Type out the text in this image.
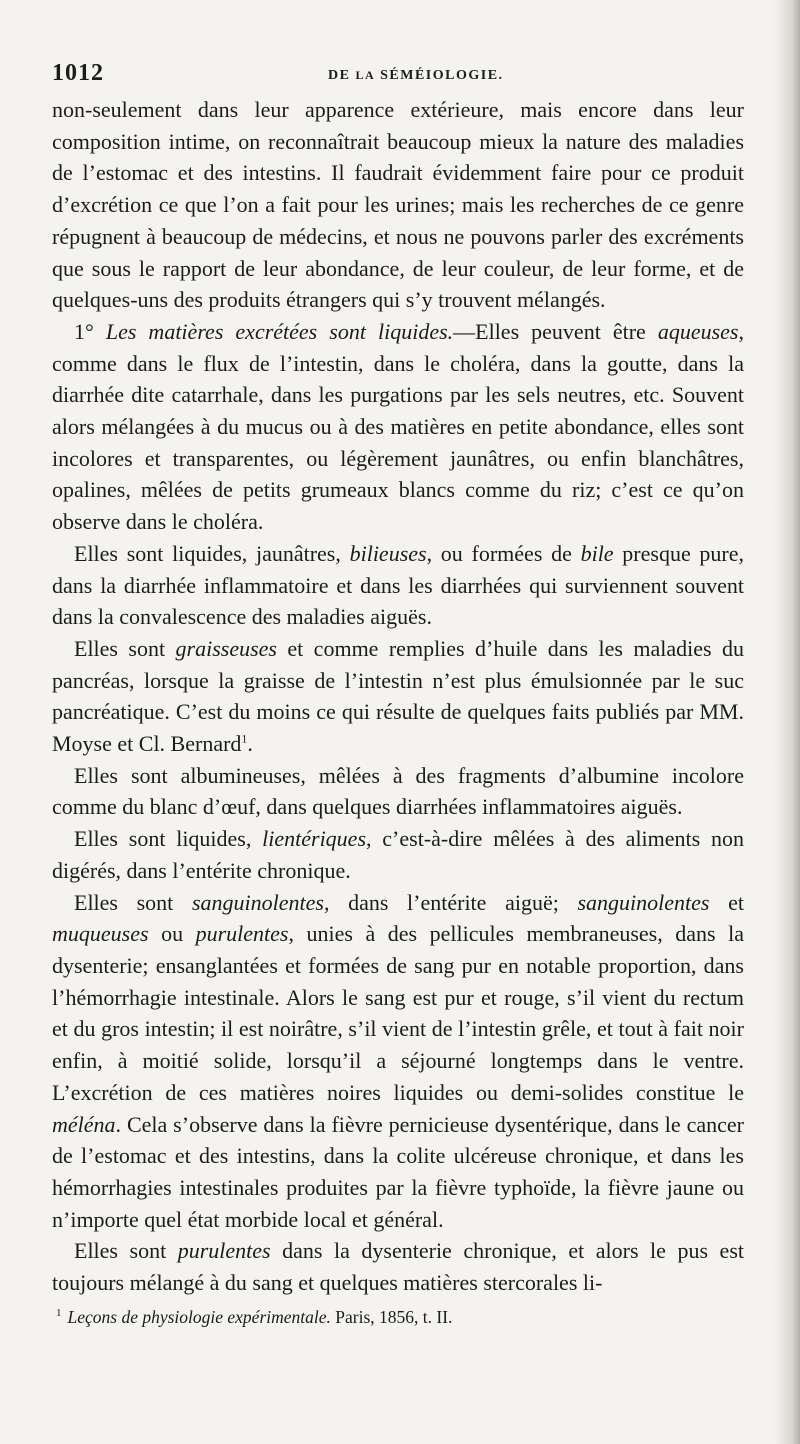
1012	DE LA SÉMÉIOLOGIE.

non-seulement dans leur apparence extérieure, mais encore dans leur composition intime, on reconnaîtrait beaucoup mieux la nature des maladies de l’estomac et des intestins. Il faudrait évidemment faire pour ce produit d’excrétion ce que l’on a fait pour les urines; mais les recherches de ce genre répugnent à beaucoup de médecins, et nous ne pouvons parler des excréments que sous le rapport de leur abondance, de leur couleur, de leur forme, et de quelques-uns des produits étrangers qui s’y trouvent mélangés.

1° Les matières excrétées sont liquides.—Elles peuvent être aqueuses, comme dans le flux de l’intestin, dans le choléra, dans la goutte, dans la diarrhée dite catarrhale, dans les purgations par les sels neutres, etc. Souvent alors mélangées à du mucus ou à des matières en petite abondance, elles sont incolores et transparentes, ou légèrement jaunâtres, ou enfin blanchâtres, opalines, mêlées de petits grumeaux blancs comme du riz; c’est ce qu’on observe dans le choléra.

Elles sont liquides, jaunâtres, bilieuses, ou formées de bile presque pure, dans la diarrhée inflammatoire et dans les diarrhées qui surviennent souvent dans la convalescence des maladies aiguës.

Elles sont graisseuses et comme remplies d’huile dans les maladies du pancréas, lorsque la graisse de l’intestin n’est plus émulsionnée par le suc pancréatique. C’est du moins ce qui résulte de quelques faits publiés par MM. Moyse et Cl. Bernard$^1$.

Elles sont albumineuses, mêlées à des fragments d’albumine incolore comme du blanc d’œuf, dans quelques diarrhées inflammatoires aiguës.

Elles sont liquides, lientériques, c’est-à-dire mêlées à des aliments non digérés, dans l’entérite chronique.

Elles sont sanguinolentes, dans l’entérite aiguë; sanguinolentes et muqueuses ou purulentes, unies à des pellicules membraneuses, dans la dysenterie; ensanglantées et formées de sang pur en notable proportion, dans l’hémorrhagie intestinale. Alors le sang est pur et rouge, s’il vient du rectum et du gros intestin; il est noirâtre, s’il vient de l’intestin grêle, et tout à fait noir enfin, à moitié solide, lorsqu’il a séjourné longtemps dans le ventre. L’excrétion de ces matières noires liquides ou demi-solides constitue le méléna. Cela s’observe dans la fièvre pernicieuse dysentérique, dans le cancer de l’estomac et des intestins, dans la colite ulcéreuse chronique, et dans les hémorrhagies intestinales produites par la fièvre typhoïde, la fièvre jaune ou n’importe quel état morbide local et général.

Elles sont purulentes dans la dysenterie chronique, et alors le pus est toujours mélangé à du sang et quelques matières stercorales li-

$^1$ Leçons de physiologie expérimentale. Paris, 1856, t. II.
